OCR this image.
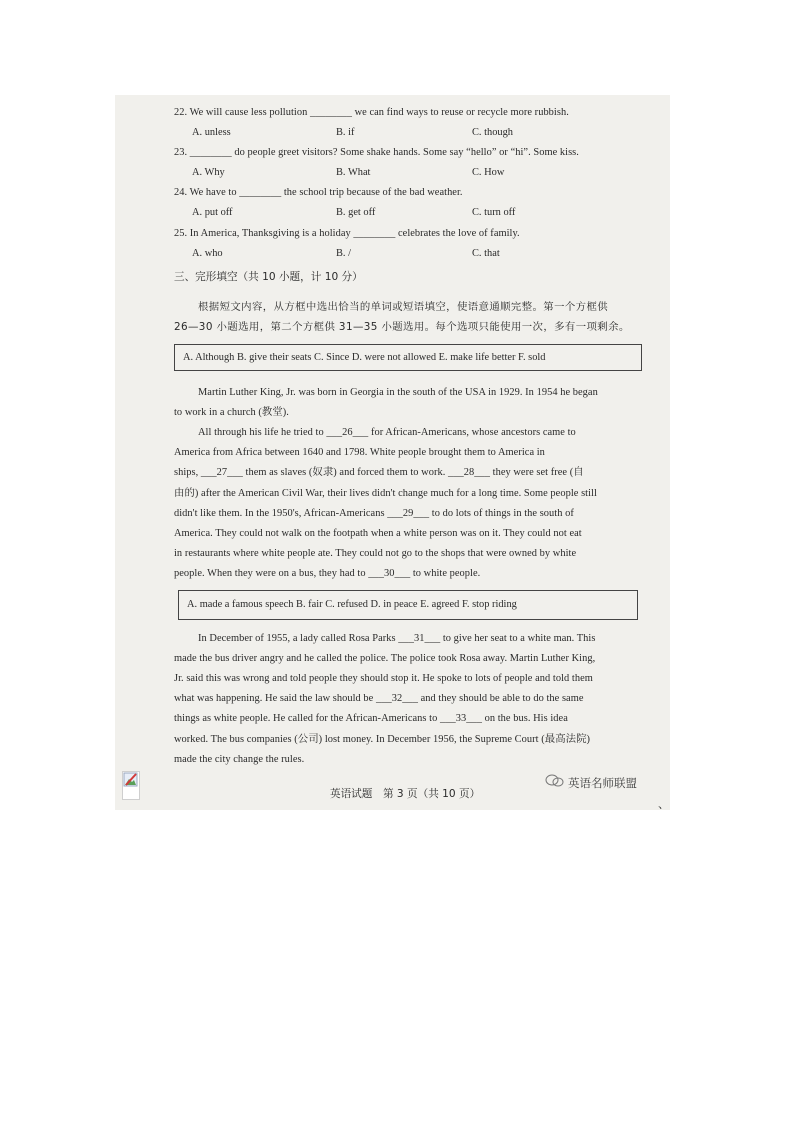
22. We will cause less pollution ________ we can find ways to reuse or recycle more rubbish.
A. unless	B. if	C. though
23. ________ do people greet visitors? Some shake hands. Some say “hello” or “hi”. Some kiss.
A. Why	B. What	C. How
24. We have to ________ the school trip because of the bad weather.
A. put off	B. get off	C. turn off
25. In America, Thanksgiving is a holiday ________ celebrates the love of family.
A. who	B. /	C. that
三、完形填空（共 10 小题，计 10 分）
根据短文内容，从方框中选出恰当的单词或短语填空，使语意通顺完整。第一个方框供
26—30 小题选用，第二个方框供 31—35 小题选用。每个选项只能使用一次，多有一项剩余。
A. Although B. give their seats C. Since D. were not allowed E. make life better F. sold
Martin Luther King, Jr. was born in Georgia in the south of the USA in 1929. In 1954 he began
to work in a church (教堂).
All through his life he tried to ___26___ for African-Americans, whose ancestors came to
America from Africa between 1640 and 1798. White people brought them to America in
ships, ___27___ them as slaves (奴隶) and forced them to work. ___28___ they were set free (自
由的) after the American Civil War, their lives didn't change much for a long time. Some people still
didn't like them. In the 1950's, African-Americans ___29___ to do lots of things in the south of
America. They could not walk on the footpath when a white person was on it. They could not eat
in restaurants where white people ate. They could not go to the shops that were owned by white
people. When they were on a bus, they had to ___30___ to white people.
A. made a famous speech B. fair C. refused D. in peace E. agreed F. stop riding
In December of 1955, a lady called Rosa Parks ___31___ to give her seat to a white man. This
made the bus driver angry and he called the police. The police took Rosa away. Martin Luther King,
Jr. said this was wrong and told people they should stop it. He spoke to lots of people and told them
what was happening. He said the law should be ___32___ and they should be able to do the same
things as white people. He called for the African-Americans to ___33___ on the bus. His idea
worked. The bus companies (公司) lost money. In December 1956, the Supreme Court (最高法院)
made the city change the rules.
英语试题　第 3 页（共 10 页）
英语名师联盟
、
